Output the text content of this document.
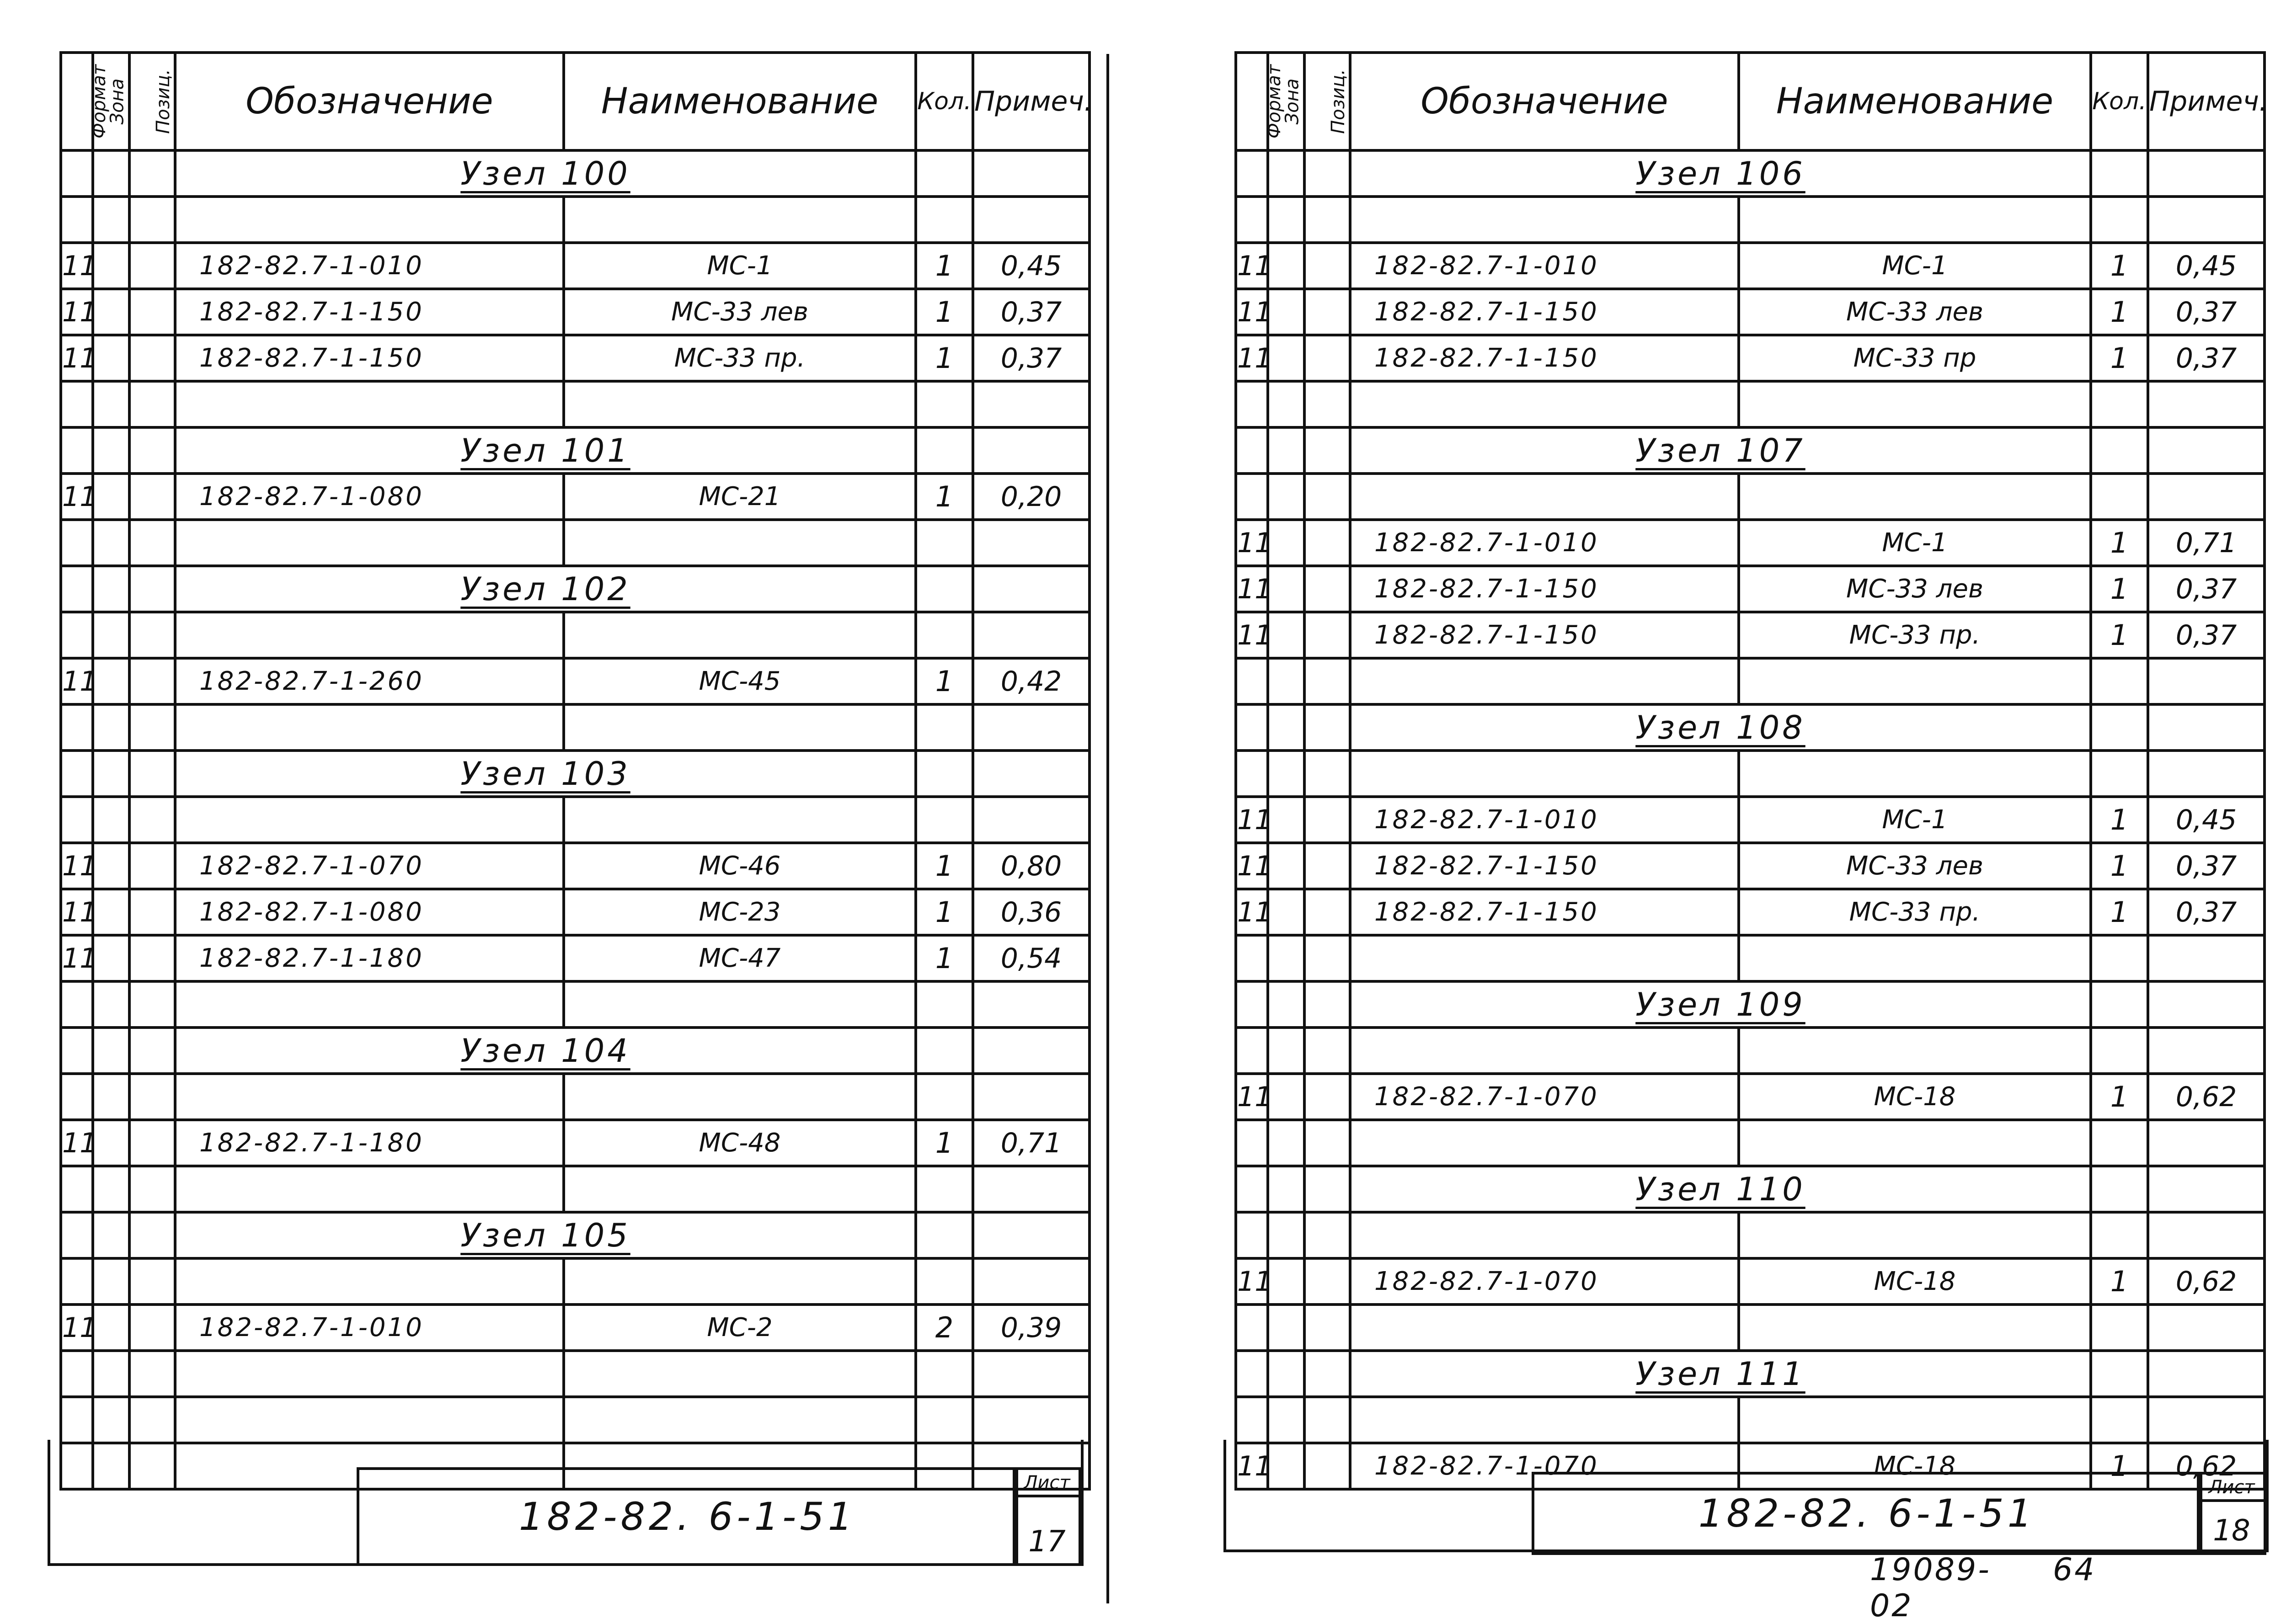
Формат	Зона	Позиц.	Обозначение	Наименование	Кол.	Примеч.
			Узел 100			

11			182-82.7-1-010	МС-1	1	0,45
11			182-82.7-1-150	МС-33 лев	1	0,37
11			182-82.7-1-150	МС-33 пр.	1	0,37

			Узел 101			
11			182-82.7-1-080	МС-21	1	0,20

			Узел 102			

11			182-82.7-1-260	МС-45	1	0,42

			Узел 103			

11			182-82.7-1-070	МС-46	1	0,80
11			182-82.7-1-080	МС-23	1	0,36
11			182-82.7-1-180	МС-47	1	0,54

			Узел 104			

11			182-82.7-1-180	МС-48	1	0,71

			Узел 105			

11			182-82.7-1-010	МС-2	2	0,39

182-82. 6-1-51
Лист
17
Формат	Зона	Позиц.	Обозначение	Наименование	Кол.	Примеч.
			Узел 106			

11			182-82.7-1-010	МС-1	1	0,45
11			182-82.7-1-150	МС-33 лев	1	0,37
11			182-82.7-1-150	МС-33 пр	1	0,37

			Узел 107			

11			182-82.7-1-010	МС-1	1	0,71
11			182-82.7-1-150	МС-33 лев	1	0,37
11			182-82.7-1-150	МС-33 пр.	1	0,37

			Узел 108			

11			182-82.7-1-010	МС-1	1	0,45
11			182-82.7-1-150	МС-33 лев	1	0,37
11			182-82.7-1-150	МС-33 пр.	1	0,37

			Узел 109			

11			182-82.7-1-070	МС-18	1	0,62

			Узел 110			

11			182-82.7-1-070	МС-18	1	0,62

			Узел 111			

11			182-82.7-1-070	МС-18	1	0,62
182-82. 6-1-51
Лист
18
19089-02
64
